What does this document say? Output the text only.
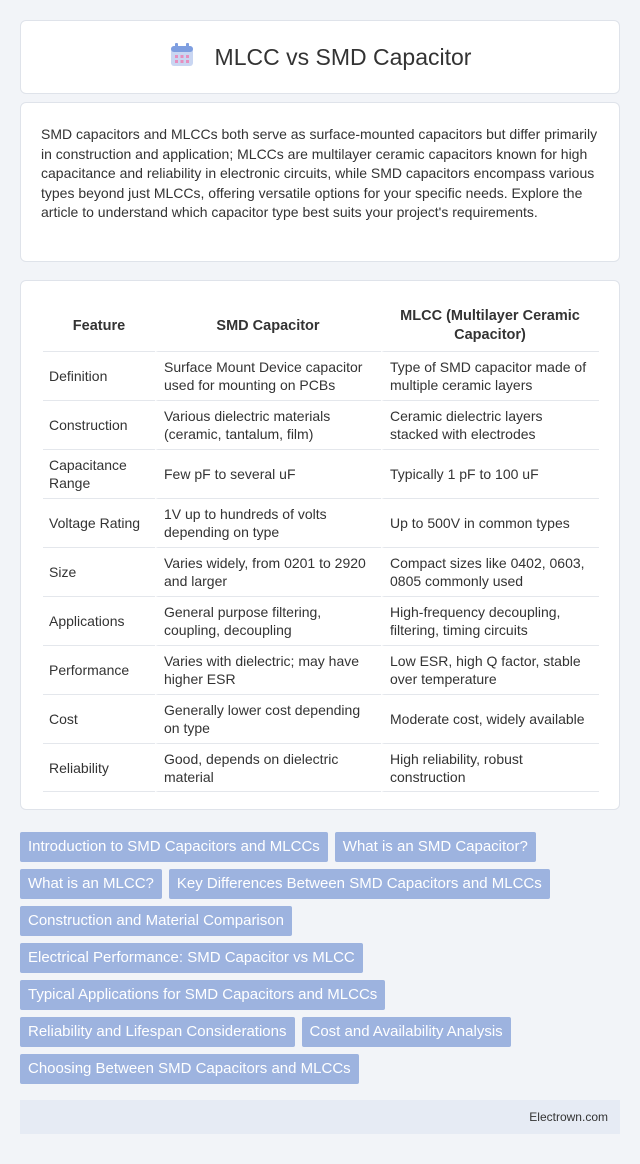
MLCC vs SMD Capacitor

SMD capacitors and MLCCs both serve as surface-mounted capacitors but differ primarily in construction and application; MLCCs are multilayer ceramic capacitors known for high capacitance and reliability in electronic circuits, while SMD capacitors encompass various types beyond just MLCCs, offering versatile options for your specific needs. Explore the article to understand which capacitor type best suits your project's requirements.

Feature	SMD Capacitor	MLCC (Multilayer Ceramic Capacitor)
Definition	Surface Mount Device capacitor used for mounting on PCBs	Type of SMD capacitor made of multiple ceramic layers
Construction	Various dielectric materials (ceramic, tantalum, film)	Ceramic dielectric layers stacked with electrodes
Capacitance Range	Few pF to several uF	Typically 1 pF to 100 uF
Voltage Rating	1V up to hundreds of volts depending on type	Up to 500V in common types
Size	Varies widely, from 0201 to 2920 and larger	Compact sizes like 0402, 0603, 0805 commonly used
Applications	General purpose filtering, coupling, decoupling	High-frequency decoupling, filtering, timing circuits
Performance	Varies with dielectric; may have higher ESR	Low ESR, high Q factor, stable over temperature
Cost	Generally lower cost depending on type	Moderate cost, widely available
Reliability	Good, depends on dielectric material	High reliability, robust construction
Introduction to SMD Capacitors and MLCCs	What is an SMD Capacitor?
What is an MLCC?	Key Differences Between SMD Capacitors and MLCCs
Construction and Material Comparison
Electrical Performance: SMD Capacitor vs MLCC
Typical Applications for SMD Capacitors and MLCCs
Reliability and Lifespan Considerations	Cost and Availability Analysis
Choosing Between SMD Capacitors and MLCCs
Electrown.com
